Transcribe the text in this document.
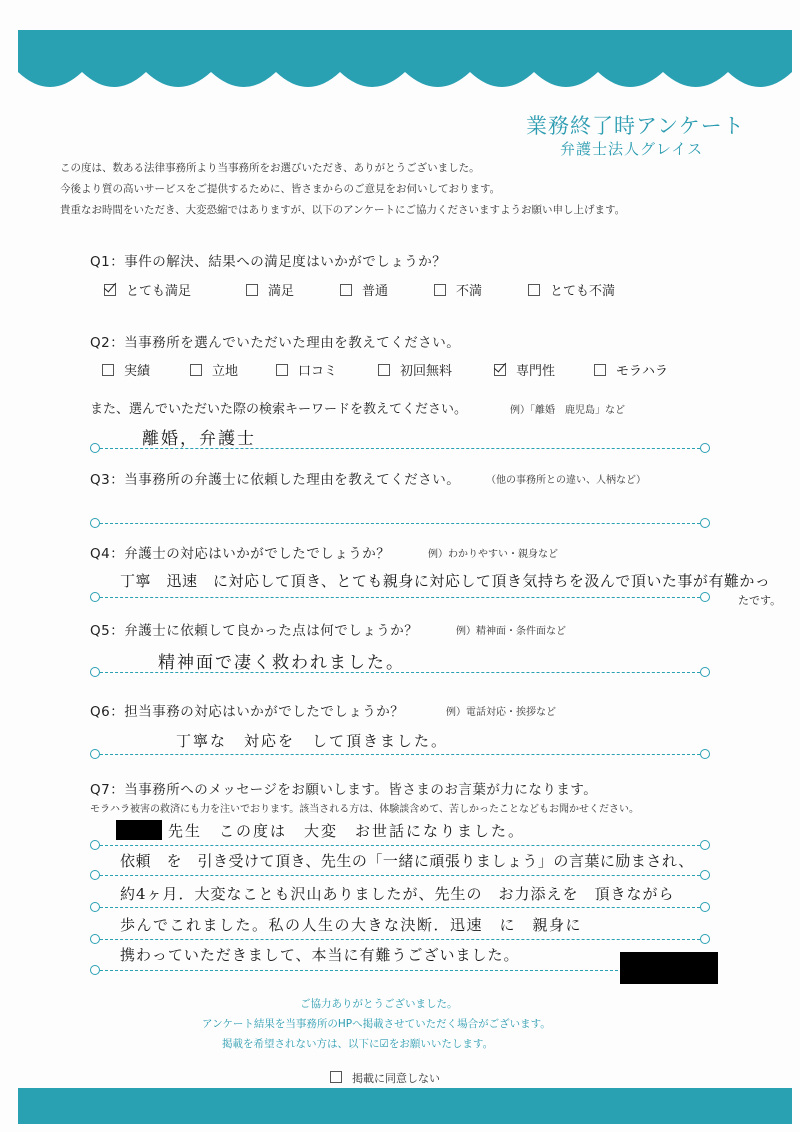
業務終了時アンケート
弁護士法人グレイス
この度は、数ある法律事務所より当事務所をお選びいただき、ありがとうございました。
今後より質の高いサービスをご提供するために、皆さまからのご意見をお伺いしております。
貴重なお時間をいただき、大変恐縮ではありますが、以下のアンケートにご協力くださいますようお願い申し上げます。
Q1：事件の解決、結果への満足度はいかがでしょうか？
とても満足	満足	普通	不満	とても不満
Q2：当事務所を選んでいただいた理由を教えてください。
実績	立地	口コミ	初回無料	専門性	モラハラ
また、選んでいただいた際の検索キーワードを教えてください。	例）「離婚　鹿児島」など
離婚，弁護士
Q3：当事務所の弁護士に依頼した理由を教えてください。	（他の事務所との違い、人柄など）
Q4：弁護士の対応はいかがでしたでしょうか？	例）わかりやすい・親身など
丁寧　迅速　に対応して頂き、とても親身に対応して頂き気持ちを汲んで頂いた事が有難かっ
たです。
Q5：弁護士に依頼して良かった点は何でしょうか？	例）精神面・条件面など
精神面で凄く救われました。
Q6：担当事務の対応はいかがでしたでしょうか？	例）電話対応・挨拶など
丁寧な　対応を　して頂きました。
Q7：当事務所へのメッセージをお願いします。皆さまのお言葉が力になります。
モラハラ被害の救済にも力を注いでおります。該当される方は、体験談含めて、苦しかったことなどもお聞かせください。
先生　この度は　大変　お世話になりました。
依頼　を　引き受けて頂き、先生の「一緒に頑張りましょう」の言葉に励まされ、
約4ヶ月．大変なことも沢山ありましたが、先生の　お力添えを　頂きながら
歩んでこれました。私の人生の大きな決断．迅速　に　親身に
携わっていただきまして、本当に有難うございました。
ご協力ありがとうございました。
アンケート結果を当事務所のHPへ掲載させていただく場合がございます。
掲載を希望されない方は、以下に☑をお願いいたします。
掲載に同意しない
